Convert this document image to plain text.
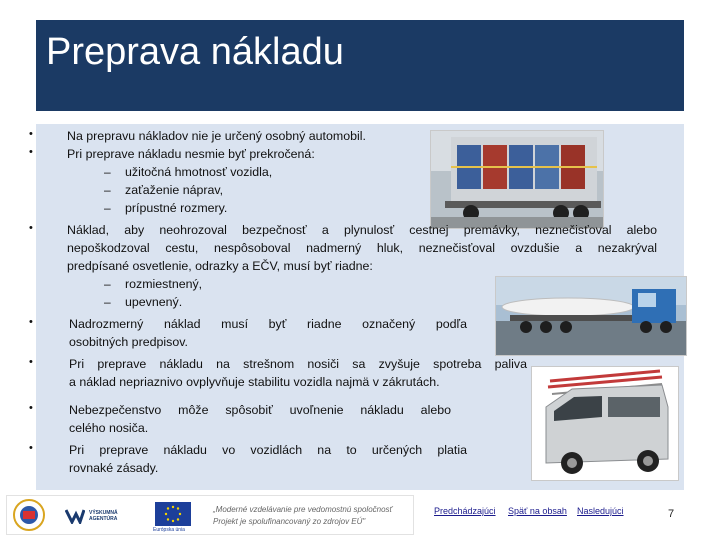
Preprava nákladu
•	Na prepravu nákladov nie je určený osobný automobil.
•	Pri preprave nákladu nesmie byť prekročená:
– užitočná hmotnosť vozidla,
– zaťaženie náprav,
– prípustné rozmery.
•	Náklad, aby neohrozoval bezpečnosť a plynulosť cestnej premávky, neznečisťoval alebo
nepoškodzoval cestu, nespôsoboval nadmerný hluk, neznečisťoval ovzdušie a nezakrýval
predpísané osvetlenie, odrazky a EČV, musí byť riadne:
– rozmiestnený,
– upevnený.
•	Nadrozmerný náklad musí byť riadne označený podľa
osobitných predpisov.
•	Pri preprave nákladu na strešnom nosiči sa zvyšuje spotreba paliva
a náklad nepriaznivo ovplyvňuje stabilitu vozidla najmä v zákrutách.
•	Nebezpečenstvo môže spôsobiť uvoľnenie nákladu alebo
celého nosiča.
•	Pri preprave nákladu vo vozidlách na to určených platia
rovnaké zásady.
VÝSKUMNÁ AGENTÚRA
Európska únia
„Moderné vzdelávanie pre vedomostnú spoločnosť
Projekt je spolufinancovaný zo zdrojov EÚ"
Predchádzajúci Späť na obsah Nasledujúci	7
